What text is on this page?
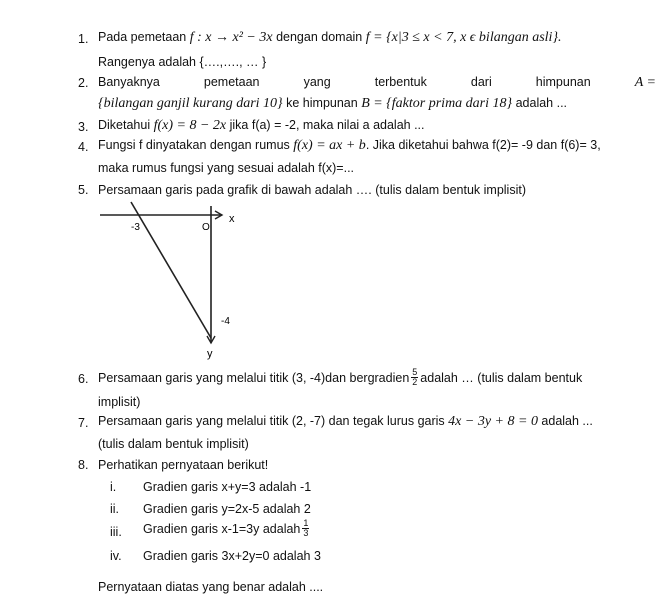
1. Pada pemetaan f : x → x² − 3x dengan domain f = {x|3 ≤ x < 7, x ϵ bilangan asli}.
Rangenya adalah {….,…., … }
2. Banyaknya	pemetaan	yang	terbentuk	dari	himpunan	A =
{bilangan ganjil kurang dari 10} ke himpunan B = {faktor prima dari 18} adalah ...
3. Diketahui f(x) = 8 − 2x jika f(a) = -2, maka nilai a adalah ...
4. Fungsi f dinyatakan dengan rumus f(x) = ax + b. Jika diketahui bahwa f(2)= -9 dan f(6)= 3,
maka rumus fungsi yang sesuai adalah f(x)=...
5. Persamaan garis pada grafik di bawah adalah …. (tulis dalam bentuk implisit)
x
y
O
-3
-4
6. Persamaan garis yang melalui titik (3, -4)dan bergradien $\frac{5}{2}$ adalah … (tulis dalam bentuk
implisit)
7. Persamaan garis yang melalui titik (2, -7) dan tegak lurus garis 4x − 3y + 8 = 0 adalah ...
(tulis dalam bentuk implisit)
8. Perhatikan pernyataan berikut!
i. Gradien garis x+y=3 adalah -1
ii. Gradien garis y=2x-5 adalah 2
iii. Gradien garis x-1=3y adalah $\frac{1}{3}$
iv. Gradien garis 3x+2y=0 adalah 3
Pernyataan diatas yang benar adalah ....
